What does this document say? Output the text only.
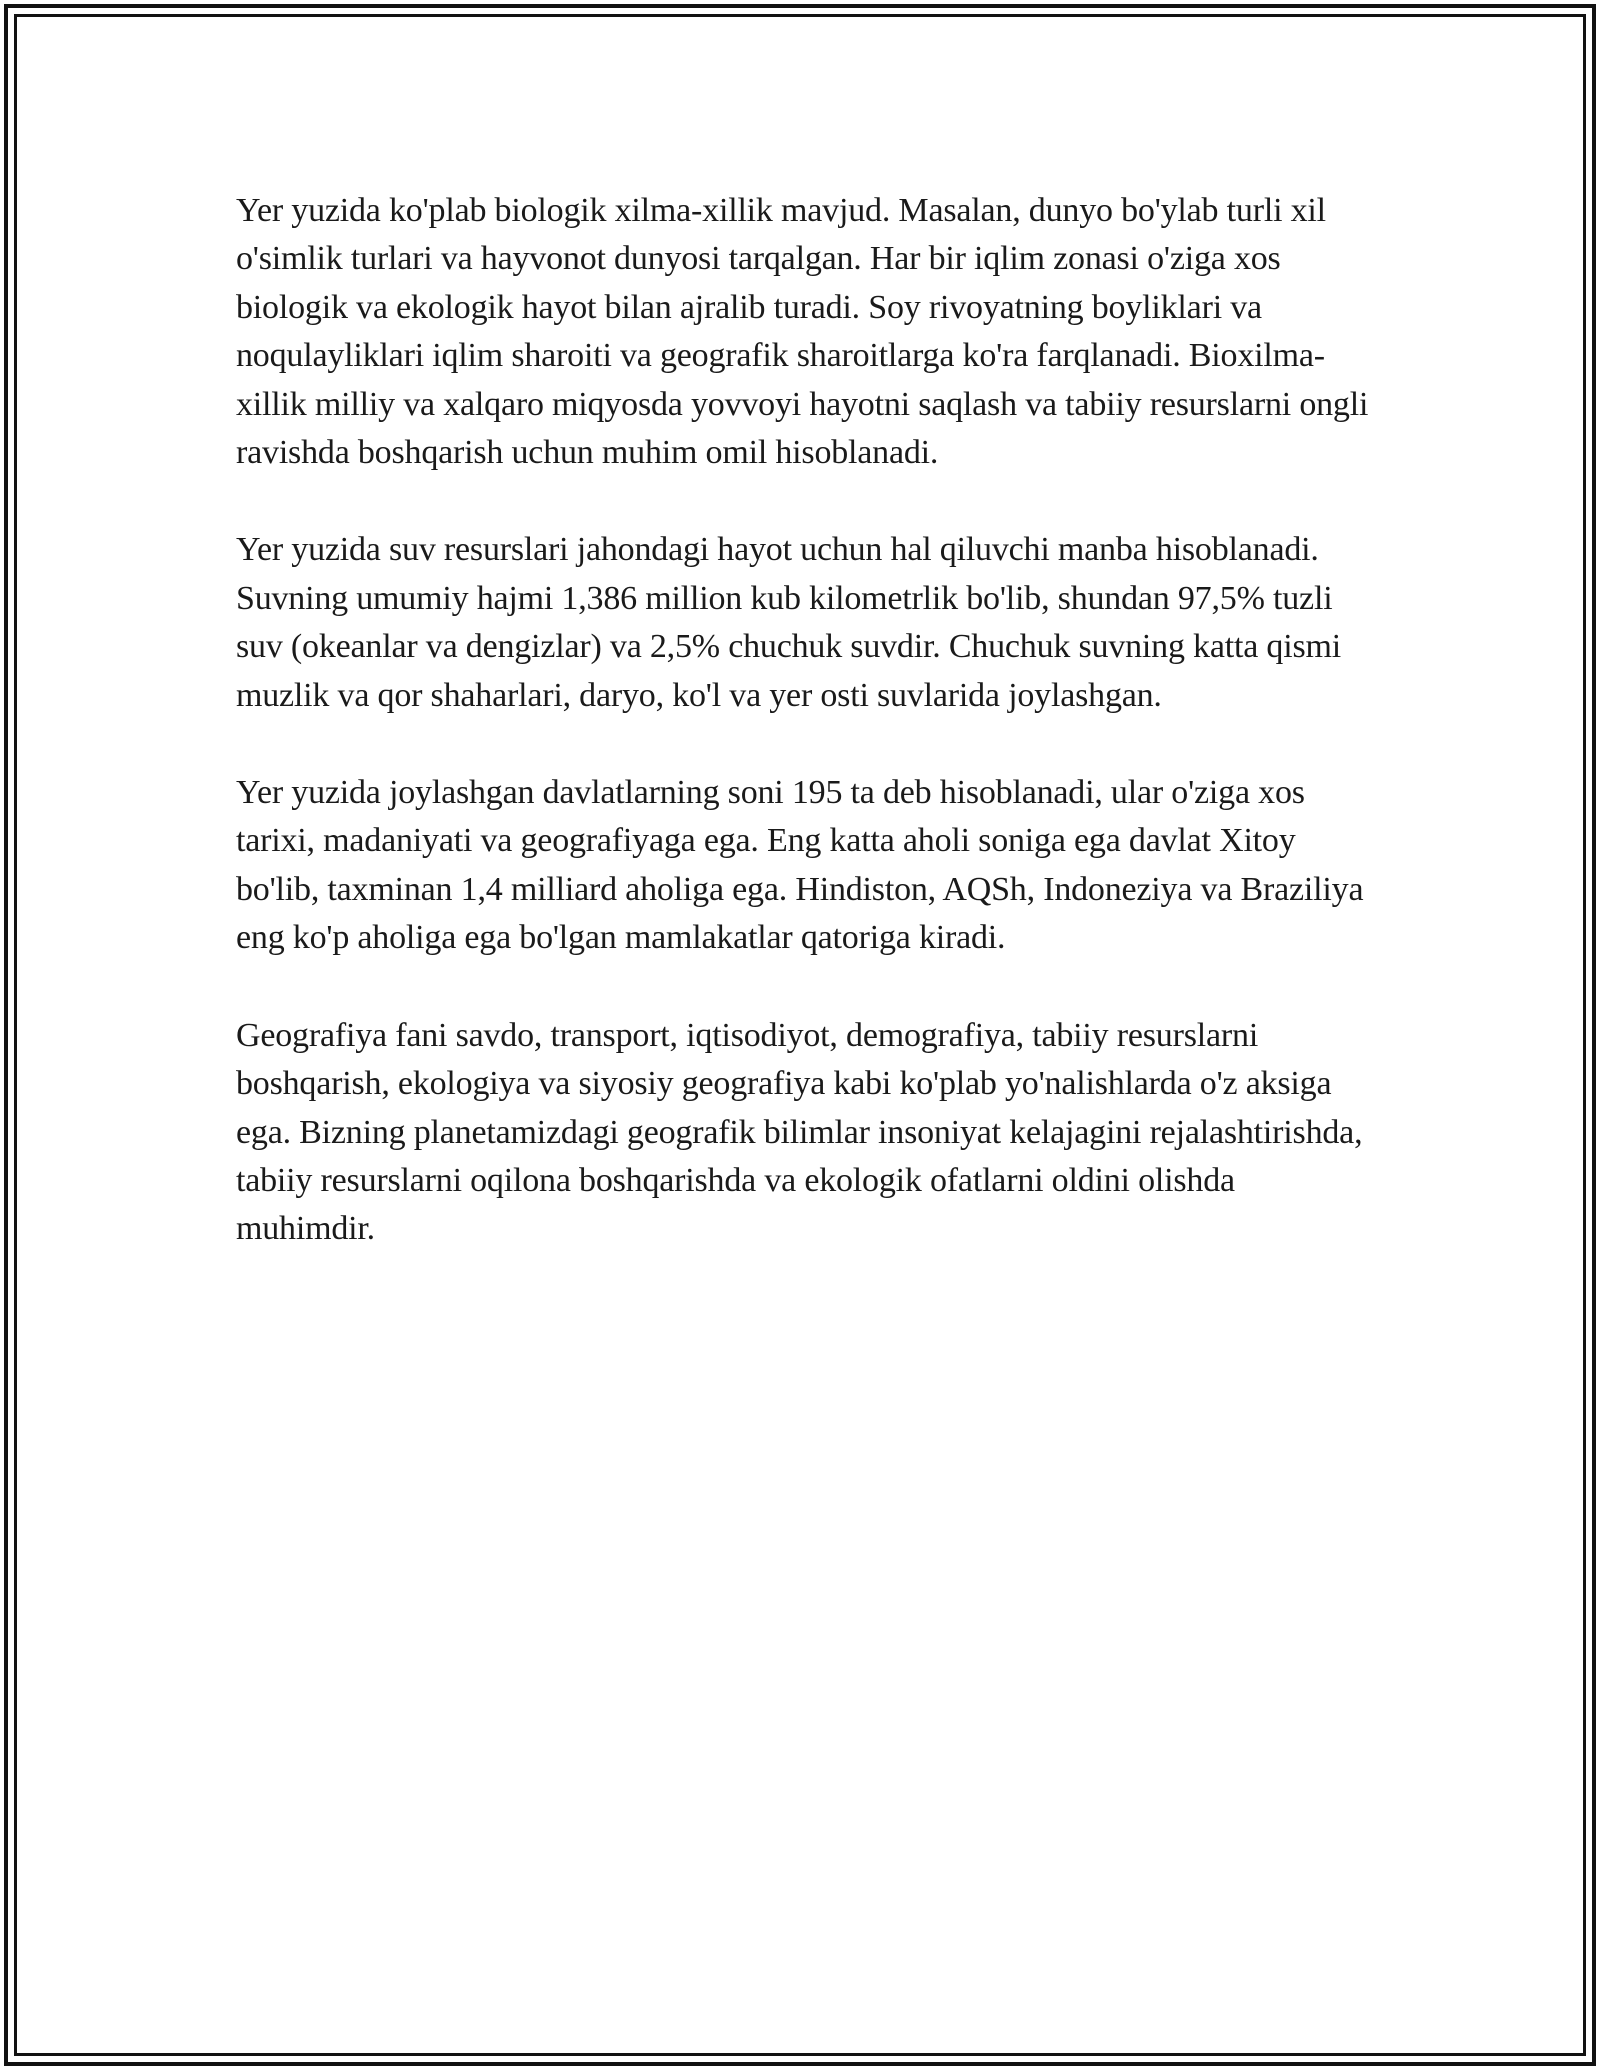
Yer yuzida ko'plab biologik xilma-xillik mavjud. Masalan, dunyo bo'ylab turli xil o'simlik turlari va hayvonot dunyosi tarqalgan. Har bir iqlim zonasi o'ziga xos biologik va ekologik hayot bilan ajralib turadi. Soy rivoyatning boyliklari va noqulayliklari iqlim sharoiti va geografik sharoitlarga ko'ra farqlanadi. Bioxilma-xillik milliy va xalqaro miqyosda yovvoyi hayotni saqlash va tabiiy resurslarni ongli ravishda boshqarish uchun muhim omil hisoblanadi.

Yer yuzida suv resurslari jahondagi hayot uchun hal qiluvchi manba hisoblanadi. Suvning umumiy hajmi 1,386 million kub kilometrlik bo'lib, shundan 97,5% tuzli suv (okeanlar va dengizlar) va 2,5% chuchuk suvdir. Chuchuk suvning katta qismi muzlik va qor shaharlari, daryo, ko'l va yer osti suvlarida joylashgan.

Yer yuzida joylashgan davlatlarning soni 195 ta deb hisoblanadi, ular o'ziga xos tarixi, madaniyati va geografiyaga ega. Eng katta aholi soniga ega davlat Xitoy bo'lib, taxminan 1,4 milliard aholiga ega. Hindiston, AQSh, Indoneziya va Braziliya eng ko'p aholiga ega bo'lgan mamlakatlar qatoriga kiradi.

Geografiya fani savdo, transport, iqtisodiyot, demografiya, tabiiy resurslarni boshqarish, ekologiya va siyosiy geografiya kabi ko'plab yo'nalishlarda o'z aksiga ega. Bizning planetamizdagi geografik bilimlar insoniyat kelajagini rejalashtirishda, tabiiy resurslarni oqilona boshqarishda va ekologik ofatlarni oldini olishda muhimdir.
